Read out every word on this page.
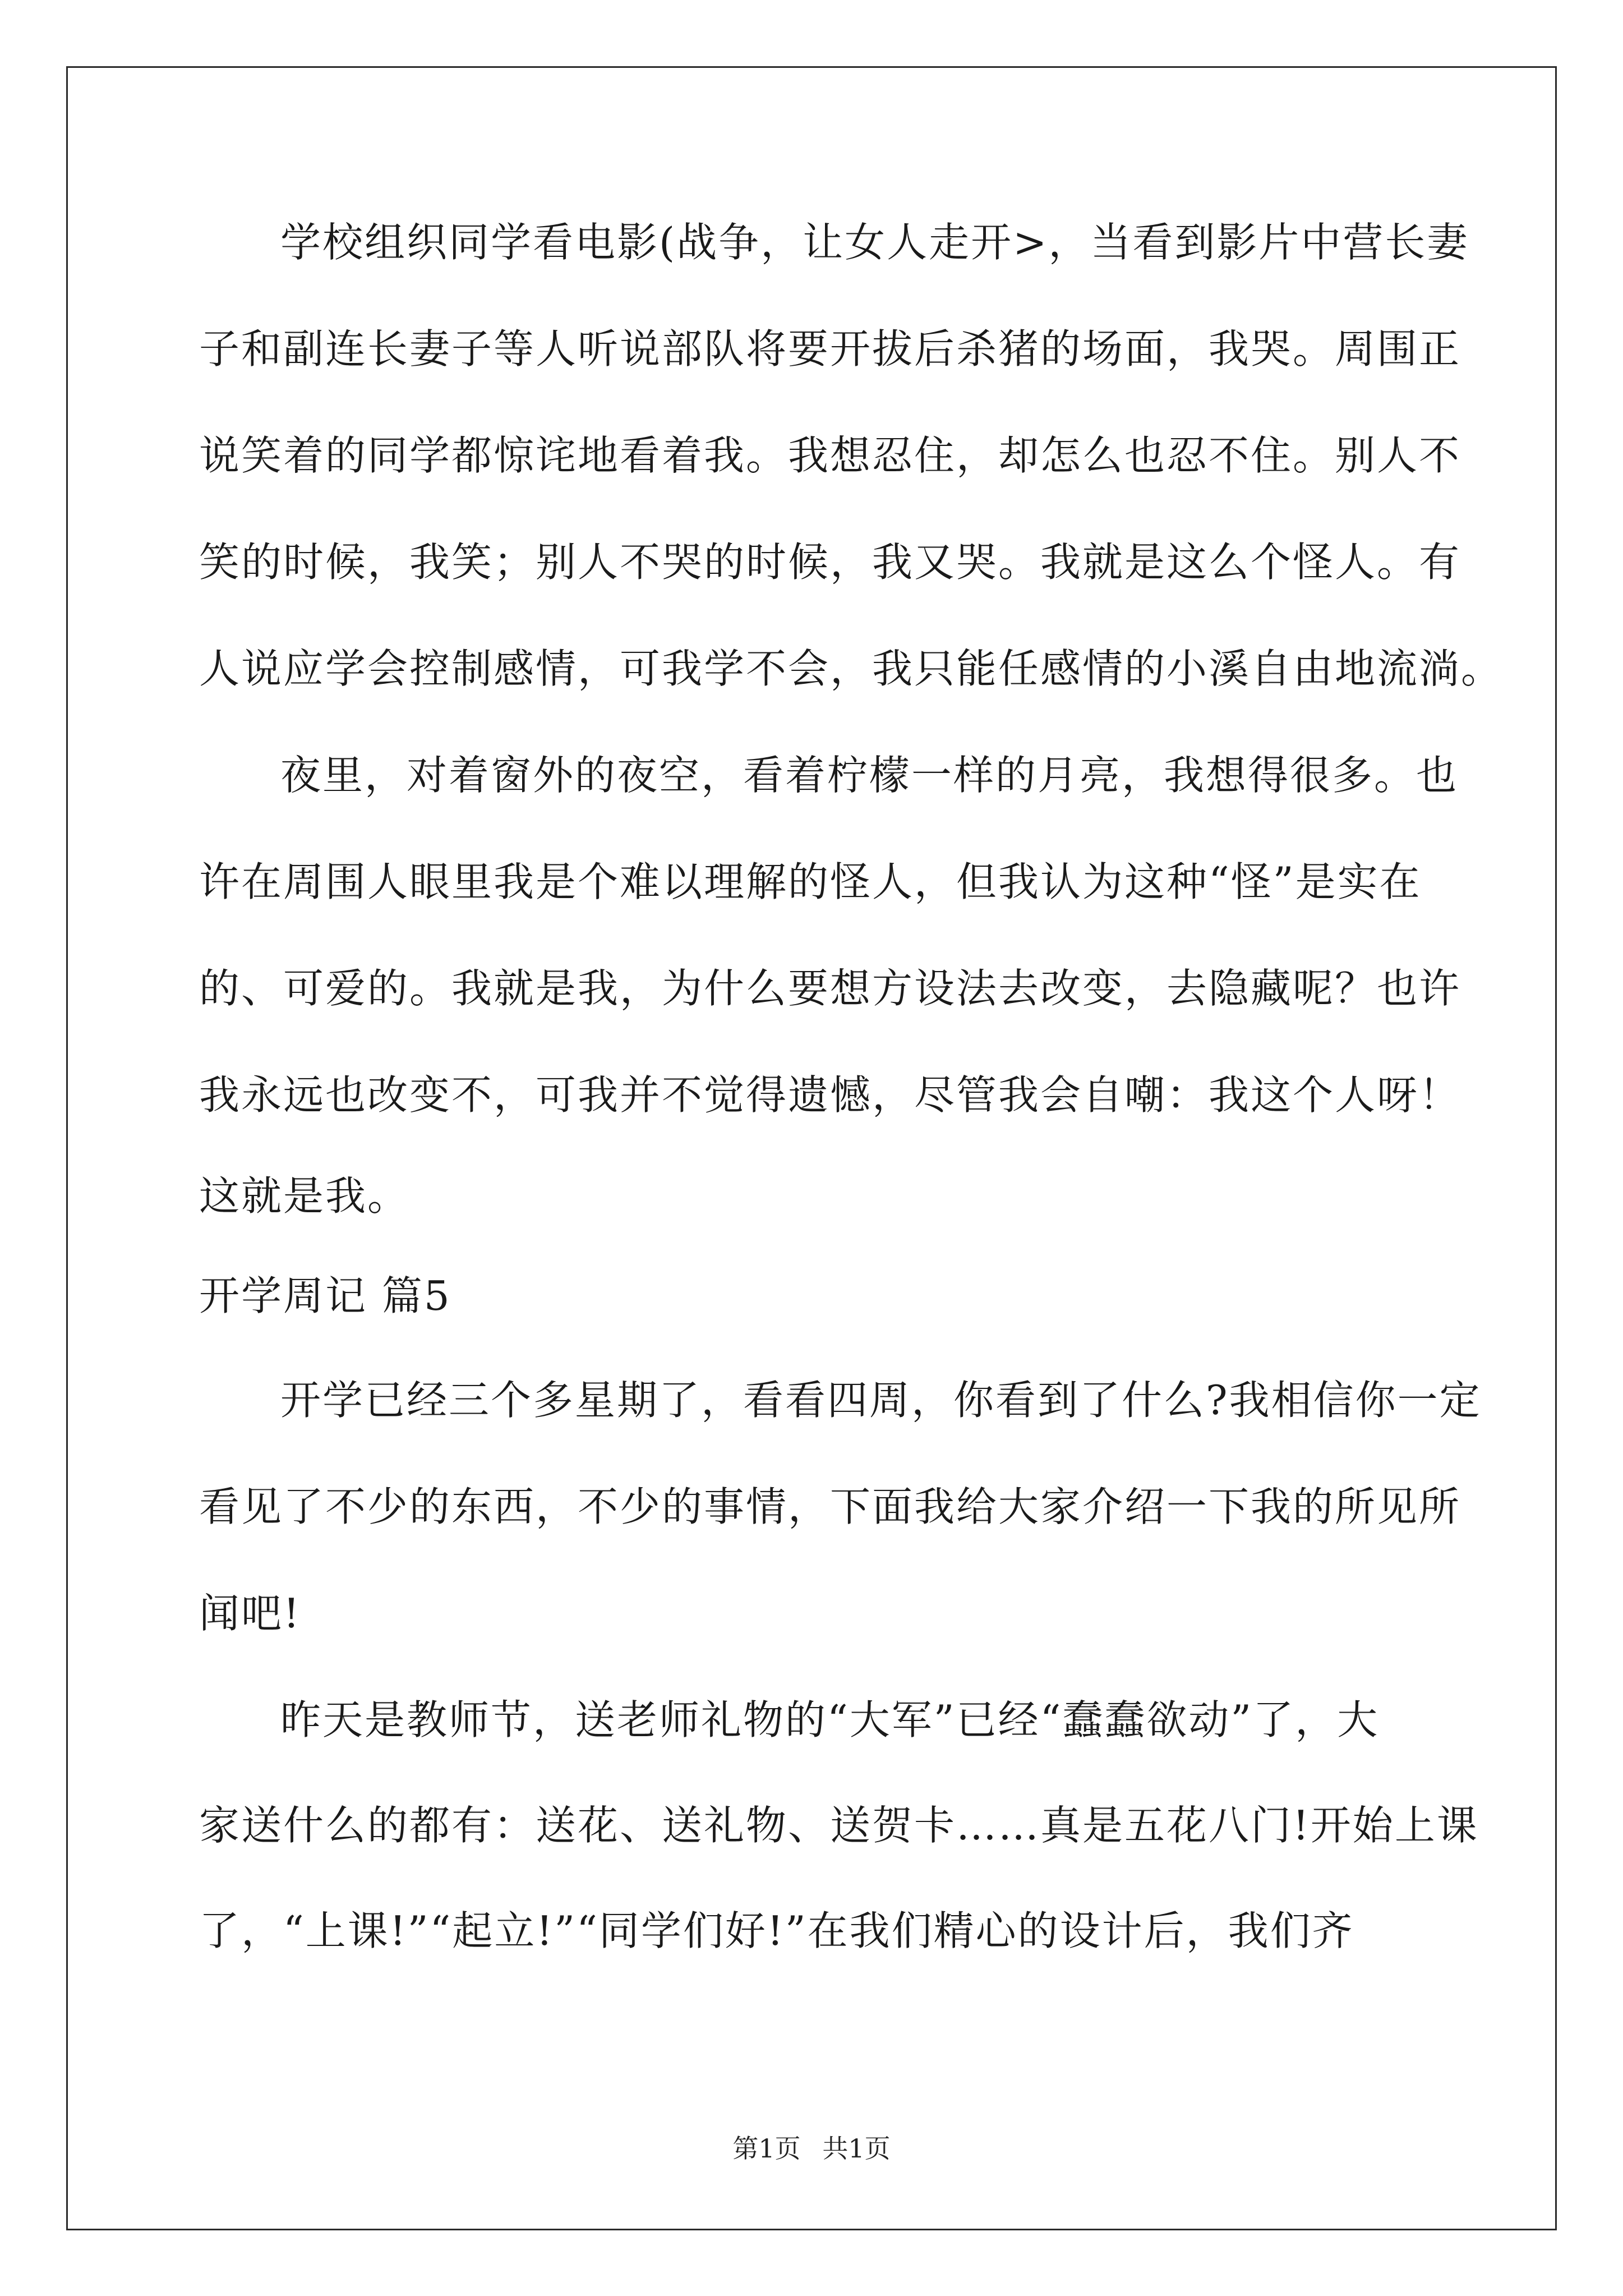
学校组织同学看电影(战争，让女人走开>，当看到影片中营长妻
子和副连长妻子等人听说部队将要开拔后杀猪的场面，我哭。周围正
说笑着的同学都惊诧地看着我。我想忍住，却怎么也忍不住。别人不
笑的时候，我笑；别人不哭的时候，我又哭。我就是这么个怪人。有
人说应学会控制感情，可我学不会，我只能任感情的小溪自由地流淌。
夜里，对着窗外的夜空，看着柠檬一样的月亮，我想得很多。也
许在周围人眼里我是个难以理解的怪人，但我认为这种“怪”是实在
的、可爱的。我就是我，为什么要想方设法去改变，去隐藏呢？也许
我永远也改变不，可我并不觉得遗憾，尽管我会自嘲：我这个人呀！
这就是我。
开学周记 篇5
开学已经三个多星期了，看看四周，你看到了什么?我相信你一定
看见了不少的东西，不少的事情，下面我给大家介绍一下我的所见所
闻吧!
昨天是教师节，送老师礼物的“大军”已经“蠢蠢欲动”了，大
家送什么的都有：送花、送礼物、送贺卡……真是五花八门!开始上课
了，“上课!”“起立!”“同学们好!”在我们精心的设计后，我们齐
第1页 共1页
